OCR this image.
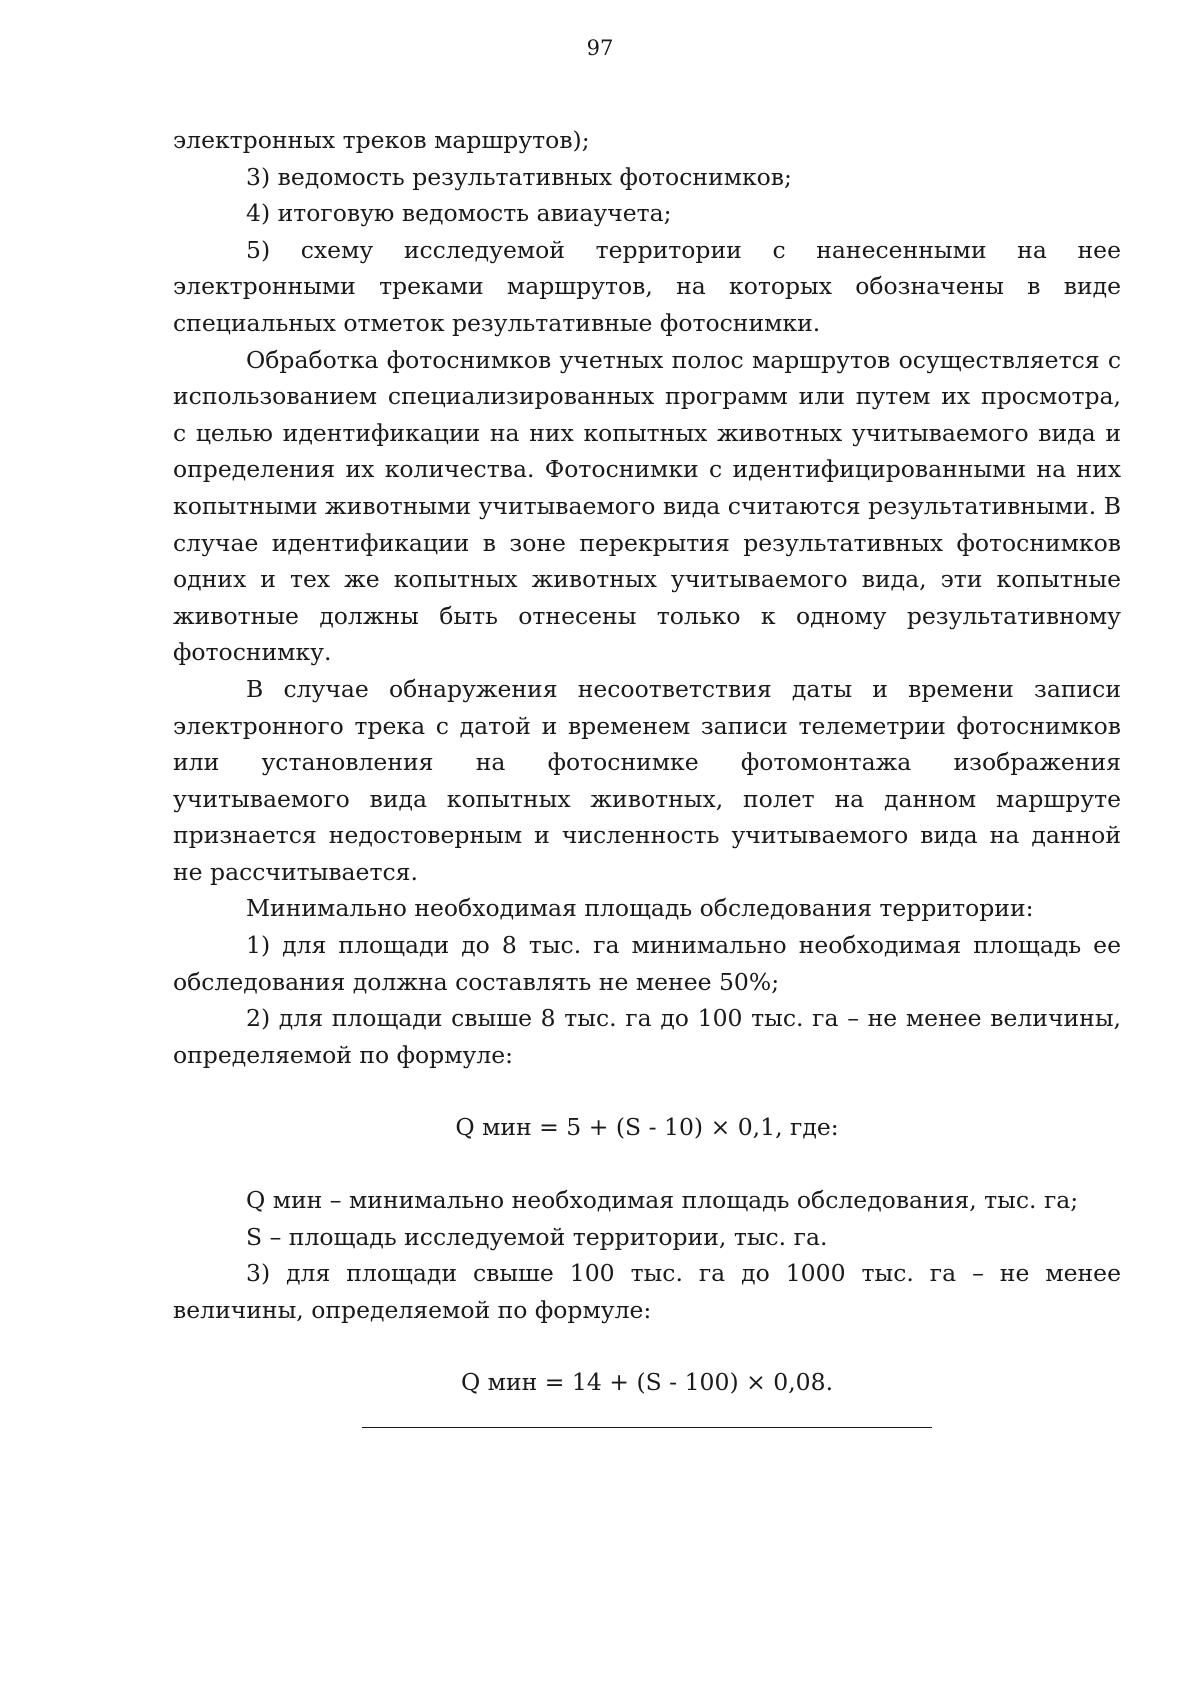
97

электронных треков маршрутов);

3) ведомость результативных фотоснимков;

4) итоговую ведомость авиаучета;

5) схему исследуемой территории с нанесенными на нее электронными треками маршрутов, на которых обозначены в виде специальных отметок результативные фотоснимки.

Обработка фотоснимков учетных полос маршрутов осуществляется с использованием специализированных программ или путем их просмотра, с целью идентификации на них копытных животных учитываемого вида и определения их количества. Фотоснимки с идентифицированными на них копытными животными учитываемого вида считаются результативными. В случае идентификации в зоне перекрытия результативных фотоснимков одних и тех же копытных животных учитываемого вида, эти копытные животные должны быть отнесены только к одному результативному фотоснимку.

В случае обнаружения несоответствия даты и времени записи электронного трека с датой и временем записи телеметрии фотоснимков или установления на фотоснимке фотомонтажа изображения учитываемого вида копытных животных, полет на данном маршруте признается недостоверным и численность учитываемого вида на данной не рассчитывается.

Минимально необходимая площадь обследования территории:

1) для площади до 8 тыс. га минимально необходимая площадь ее обследования должна составлять не менее 50%;

2) для площади свыше 8 тыс. га до 100 тыс. га – не менее величины, определяемой по формуле:

Q мин = 5 + (S - 10) × 0,1, где:

Q мин – минимально необходимая площадь обследования, тыс. га;

S – площадь исследуемой территории, тыс. га.

3) для площади свыше 100 тыс. га до 1000 тыс. га – не менее величины, определяемой по формуле:

Q мин = 14 + (S - 100) × 0,08.
